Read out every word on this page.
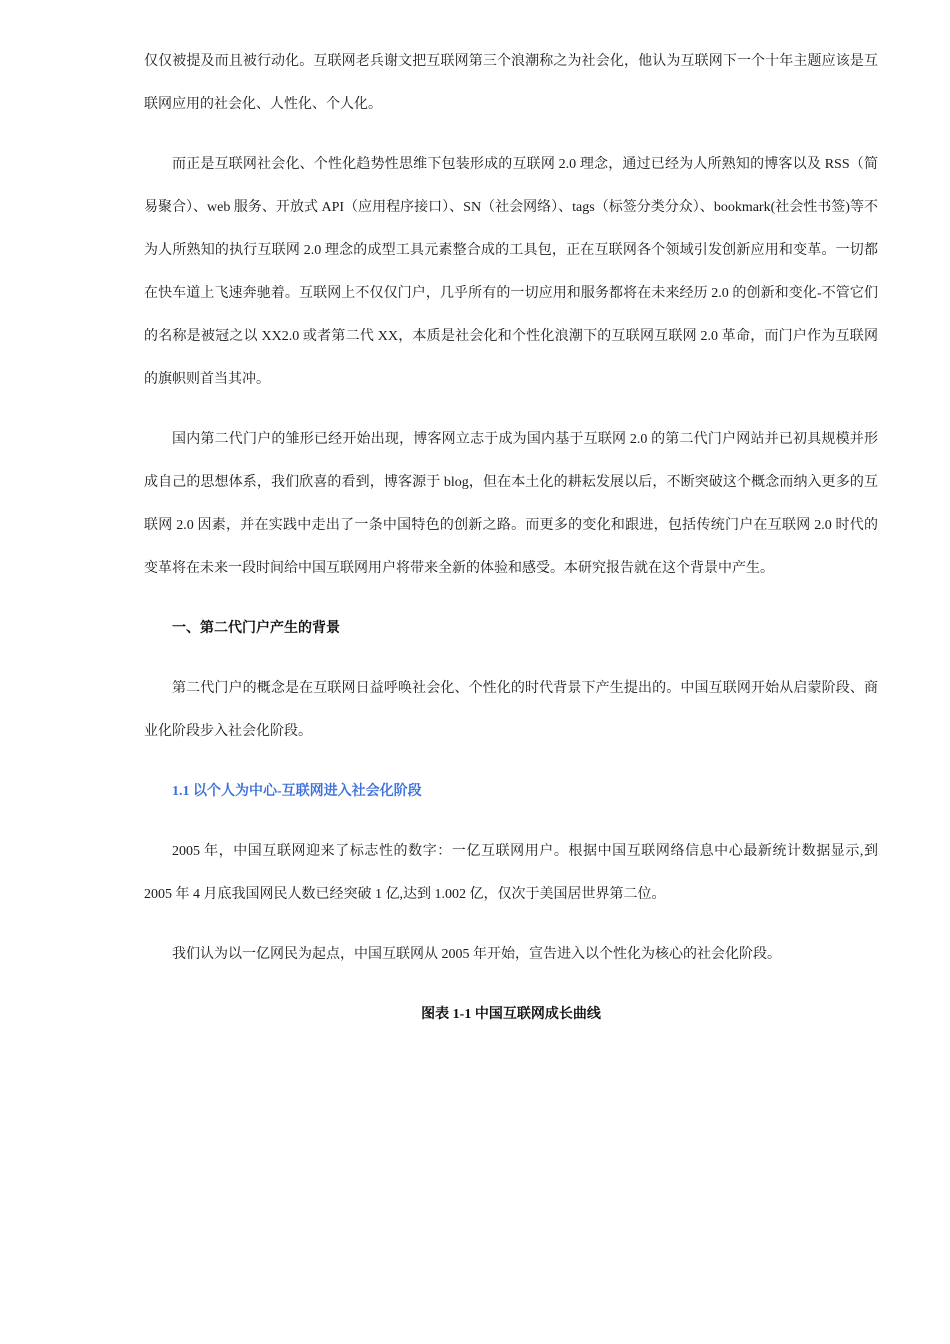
仅仅被提及而且被行动化。互联网老兵谢文把互联网第三个浪潮称之为社会化，他认为互联网下一个十年主题应该是互联网应用的社会化、人性化、个人化。

而正是互联网社会化、个性化趋势性思维下包装形成的互联网 2.0 理念，通过已经为人所熟知的博客以及 RSS（简易聚合）、web 服务、开放式 API（应用程序接口）、SN（社会网络）、tags（标签分类分众）、bookmark(社会性书签)等不为人所熟知的执行互联网 2.0 理念的成型工具元素整合成的工具包，正在互联网各个领域引发创新应用和变革。一切都在快车道上飞速奔驰着。互联网上不仅仅门户，几乎所有的一切应用和服务都将在未来经历 2.0 的创新和变化-不管它们的名称是被冠之以 XX2.0 或者第二代 XX，本质是社会化和个性化浪潮下的互联网互联网 2.0 革命，而门户作为互联网的旗帜则首当其冲。

国内第二代门户的雏形已经开始出现，博客网立志于成为国内基于互联网 2.0 的第二代门户网站并已初具规模并形成自己的思想体系，我们欣喜的看到，博客源于 blog，但在本土化的耕耘发展以后，不断突破这个概念而纳入更多的互联网 2.0 因素，并在实践中走出了一条中国特色的创新之路。而更多的变化和跟进，包括传统门户在互联网 2.0 时代的变革将在未来一段时间给中国互联网用户将带来全新的体验和感受。本研究报告就在这个背景中产生。

一、第二代门户产生的背景

第二代门户的概念是在互联网日益呼唤社会化、个性化的时代背景下产生提出的。中国互联网开始从启蒙阶段、商业化阶段步入社会化阶段。

1.1 以个人为中心-互联网进入社会化阶段

2005 年，中国互联网迎来了标志性的数字：一亿互联网用户。根据中国互联网络信息中心最新统计数据显示,到 2005 年 4 月底我国网民人数已经突破 1 亿,达到 1.002 亿，仅次于美国居世界第二位。

我们认为以一亿网民为起点，中国互联网从 2005 年开始，宣告进入以个性化为核心的社会化阶段。

图表 1-1 中国互联网成长曲线
